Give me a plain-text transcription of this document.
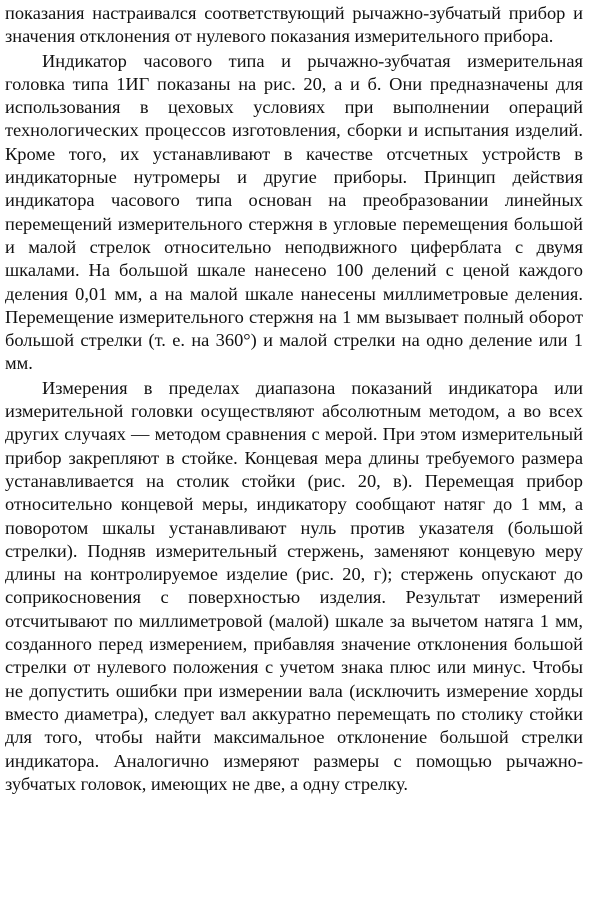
показания настраивался соответствующий рычажно-зубчатый прибор и значения отклонения от нулевого показания измерительного прибора.

Индикатор часового типа и рычажно-зубчатая измерительная головка типа 1ИГ показаны на рис. 20, а и б. Они предназначены для использования в цеховых условиях при выполнении операций технологических процессов изготовления, сборки и испытания изделий. Кроме того, их устанавливают в качестве отсчетных устройств в индикаторные нутромеры и другие приборы. Принцип действия индикатора часового типа основан на преобразовании линейных перемещений измерительного стержня в угловые перемещения большой и малой стрелок относительно неподвижного циферблата с двумя шкалами. На большой шкале нанесено 100 делений с ценой каждого деления 0,01 мм, а на малой шкале нанесены миллиметровые деления. Перемещение измерительного стержня на 1 мм вызывает полный оборот большой стрелки (т. е. на 360°) и малой стрелки на одно деление или 1 мм.

Измерения в пределах диапазона показаний индикатора или измерительной головки осуществляют абсолютным методом, а во всех других случаях — методом сравнения с мерой. При этом измерительный прибор закрепляют в стойке. Концевая мера длины требуемого размера устанавливается на столик стойки (рис. 20, в). Перемещая прибор относительно концевой меры, индикатору сообщают натяг до 1 мм, а поворотом шкалы устанавливают нуль против указателя (большой стрелки). Подняв измерительный стержень, заменяют концевую меру длины на контролируемое изделие (рис. 20, г); стержень опускают до соприкосновения с поверхностью изделия. Результат измерений отсчитывают по миллиметровой (малой) шкале за вычетом натяга 1 мм, созданного перед измерением, прибавляя значение отклонения большой стрелки от нулевого положения с учетом знака плюс или минус. Чтобы не допустить ошибки при измерении вала (исключить измерение хорды вместо диаметра), следует вал аккуратно перемещать по столику стойки для того, чтобы найти максимальное отклонение большой стрелки индикатора. Аналогично измеряют размеры с помощью рычажно-зубчатых головок, имеющих не две, а одну стрелку.
